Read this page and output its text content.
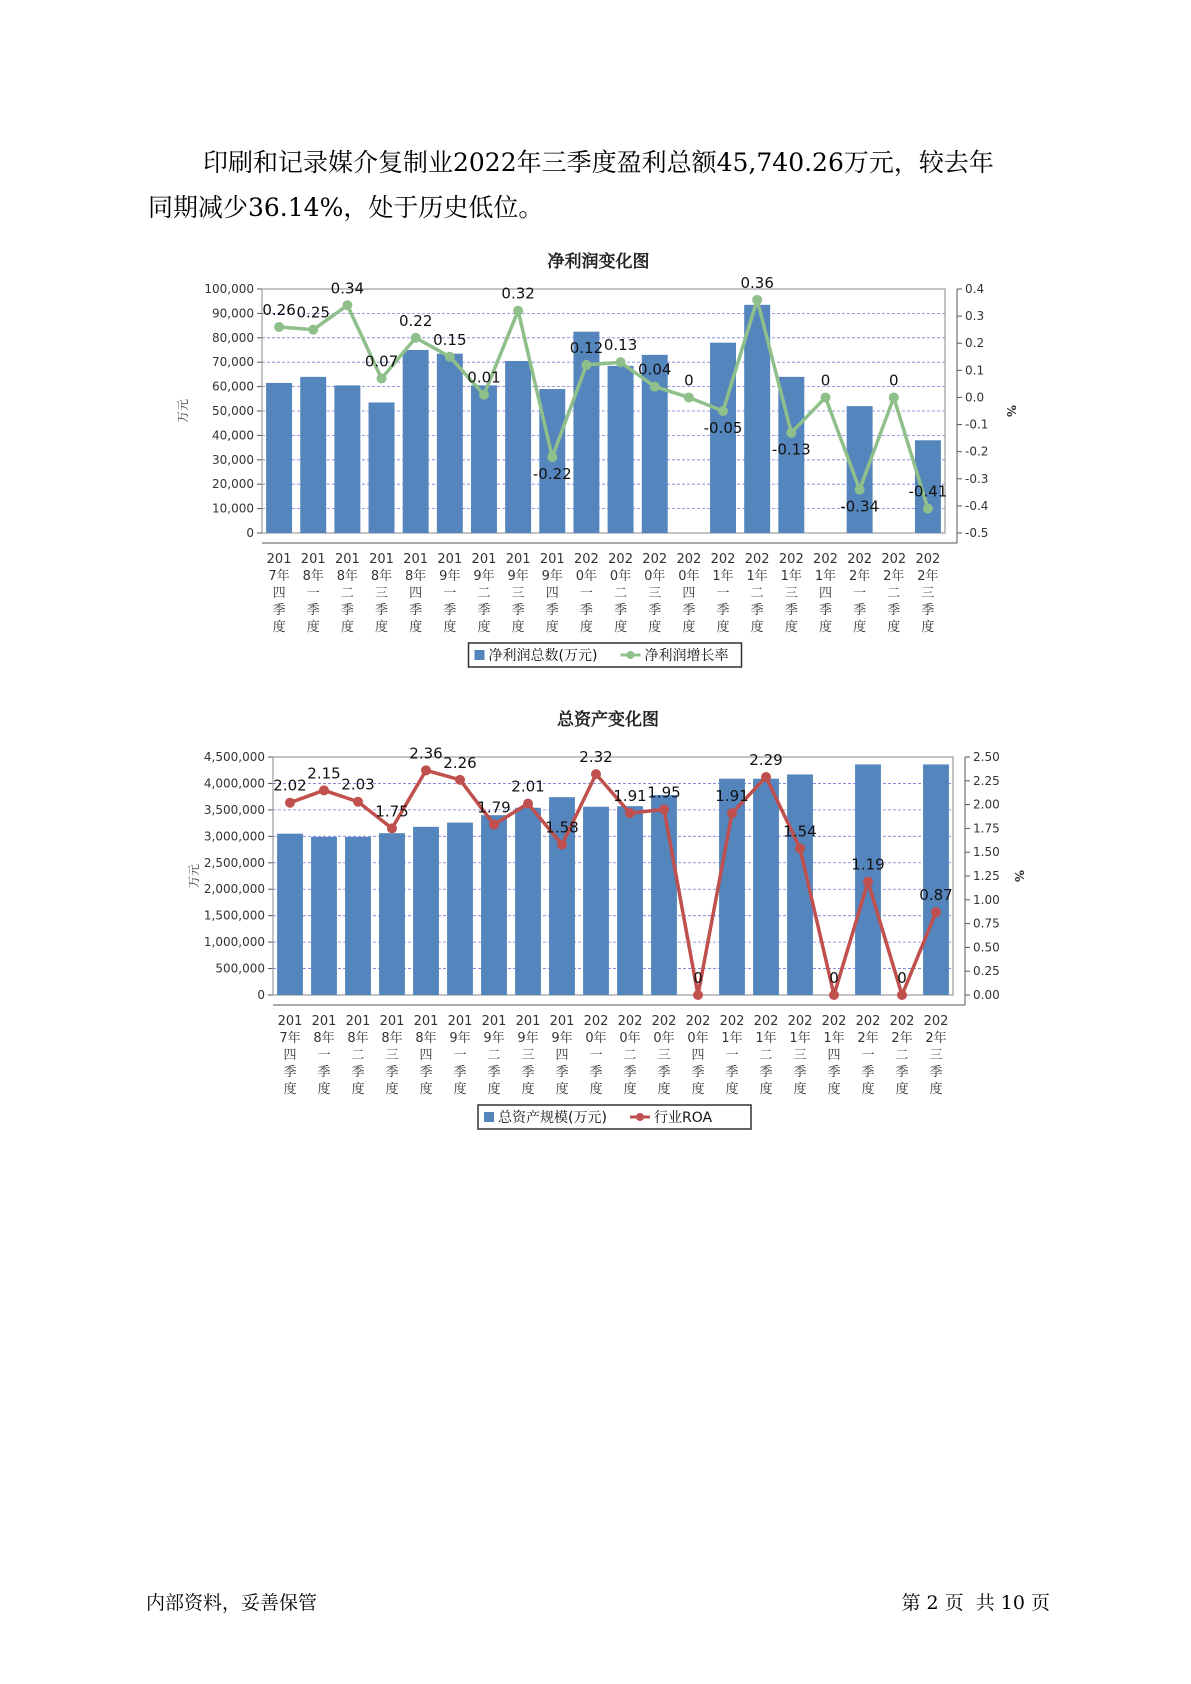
印刷和记录媒介复制业2022年三季度盈利总额45,740.26万元，较去年
同期减少36.14%，处于历史低位。
净利润变化图
0
10,000
20,000
30,000
40,000
50,000
60,000
70,000
80,000
90,000
100,000
-0.5
-0.4
-0.3
-0.2
-0.1
0.0
0.1
0.2
0.3
0.4
万元	%
201 7年四季度
201 8年一季度
201 8年二季度
201 8年三季度
201 8年四季度
201 9年一季度
201 9年二季度
201 9年三季度
201 9年四季度
202 0年一季度
202 0年二季度
202 0年三季度
202 0年四季度
202 1年一季度
202 1年二季度
202 1年三季度
202 1年四季度
202 2年一季度
202 2年二季度
202 2年三季度
0.26 0.25
0.34
0.07
0.22
0.15
0.01
0.32
-0.22
0.12 0.13
0.04
0
-0.05
0.36
-0.13
0
-0.34
0
-0.41
净利润总数(万元)	净利润增长率
总资产变化图
0
500,000
1,000,000
1,500,000
2,000,000
2,500,000
3,000,000
3,500,000
4,000,000
4,500,000
0.00
0.25
0.50
0.75
1.00
1.25
1.50
1.75
2.00
2.25
2.50
万元	%
201 7年四季度
201 8年一季度
201 8年二季度
201 8年三季度
201 8年四季度
201 9年一季度
201 9年二季度
201 9年三季度
201 9年四季度
202 0年一季度
202 0年二季度
202 0年三季度
202 0年四季度
202 1年一季度
202 1年二季度
202 1年三季度
202 1年四季度
202 2年一季度
202 2年二季度
202 2年三季度
2.02
2.15
2.03
1.75
2.36
2.26
1.79
2.01
1.58
2.32
1.91 1.95
0
1.91
2.29
1.54
0
1.19
0
0.87
总资产规模(万元)	行业ROA
内部资料，妥善保管	第 2 页  共 10 页
